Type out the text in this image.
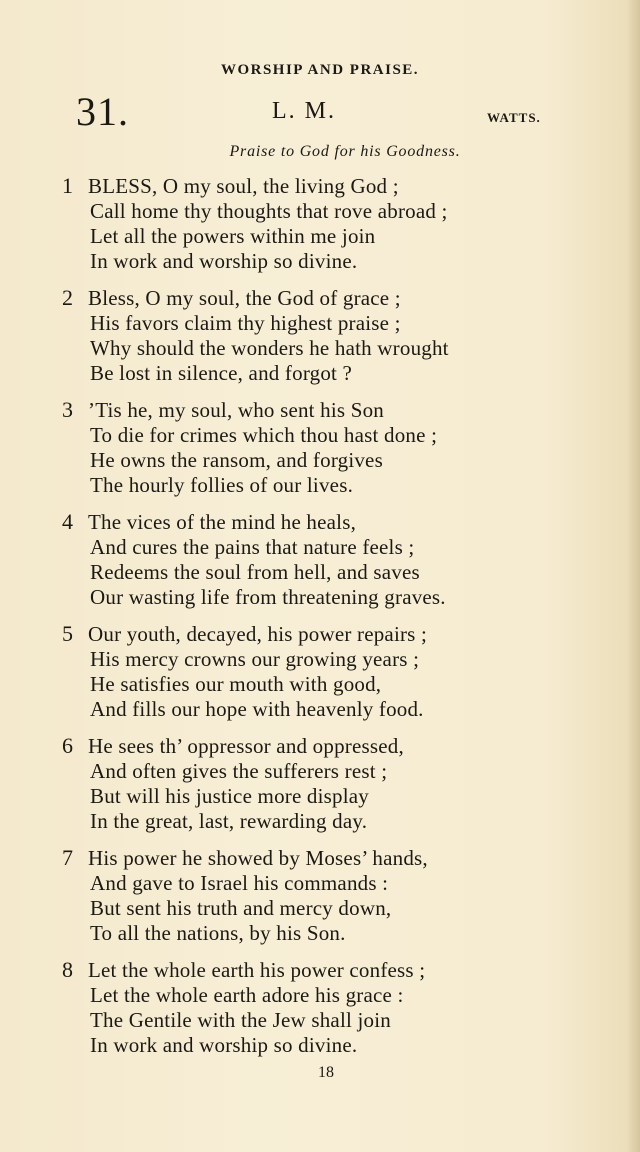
WORSHIP AND PRAISE.
31.	L. M.	WATTS.
Praise to God for his Goodness.
1 BLESS, O my soul, the living God ;
Call home thy thoughts that rove abroad ;
Let all the powers within me join
In work and worship so divine.
2 Bless, O my soul, the God of grace ;
His favors claim thy highest praise ;
Why should the wonders he hath wrought
Be lost in silence, and forgot ?
3 ’Tis he, my soul, who sent his Son
To die for crimes which thou hast done ;
He owns the ransom, and forgives
The hourly follies of our lives.
4 The vices of the mind he heals,
And cures the pains that nature feels ;
Redeems the soul from hell, and saves
Our wasting life from threatening graves.
5 Our youth, decayed, his power repairs ;
His mercy crowns our growing years ;
He satisfies our mouth with good,
And fills our hope with heavenly food.
6 He sees th’ oppressor and oppressed,
And often gives the sufferers rest ;
But will his justice more display
In the great, last, rewarding day.
7 His power he showed by Moses’ hands,
And gave to Israel his commands :
But sent his truth and mercy down,
To all the nations, by his Son.
8 Let the whole earth his power confess ;
Let the whole earth adore his grace :
The Gentile with the Jew shall join
In work and worship so divine.
18
